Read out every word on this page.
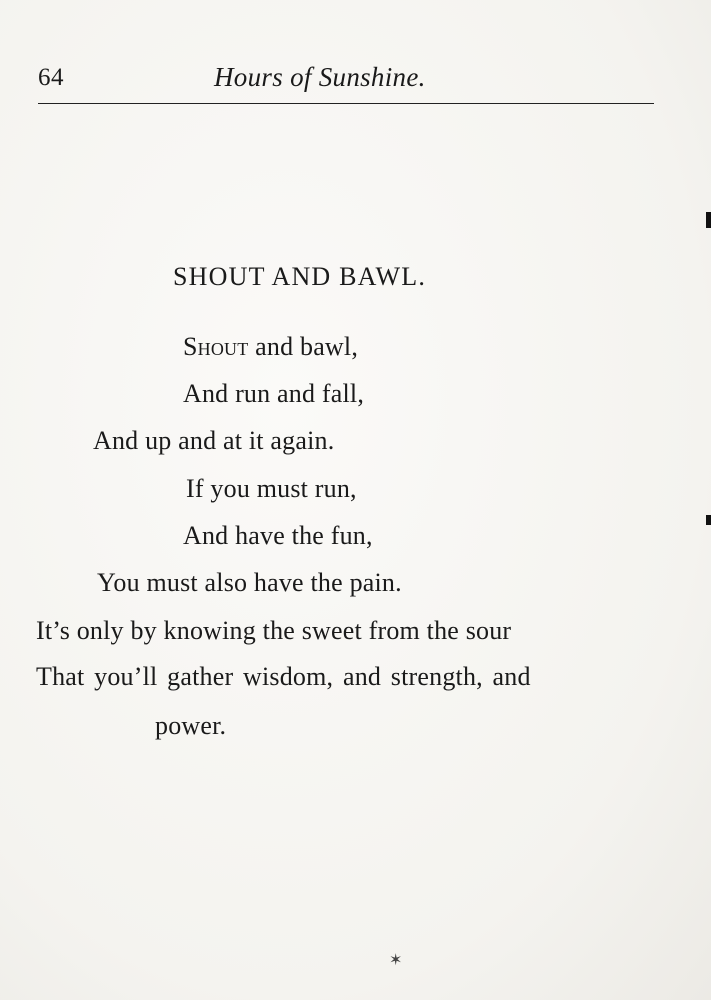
64	Hours of Sunshine.
SHOUT AND BAWL.
Shout and bawl,
And run and fall,
And up and at it again.
If you must run,
And have the fun,
You must also have the pain.
It’s only by knowing the sweet from the sour
That you’ll gather wisdom, and strength, and
power.
✶
